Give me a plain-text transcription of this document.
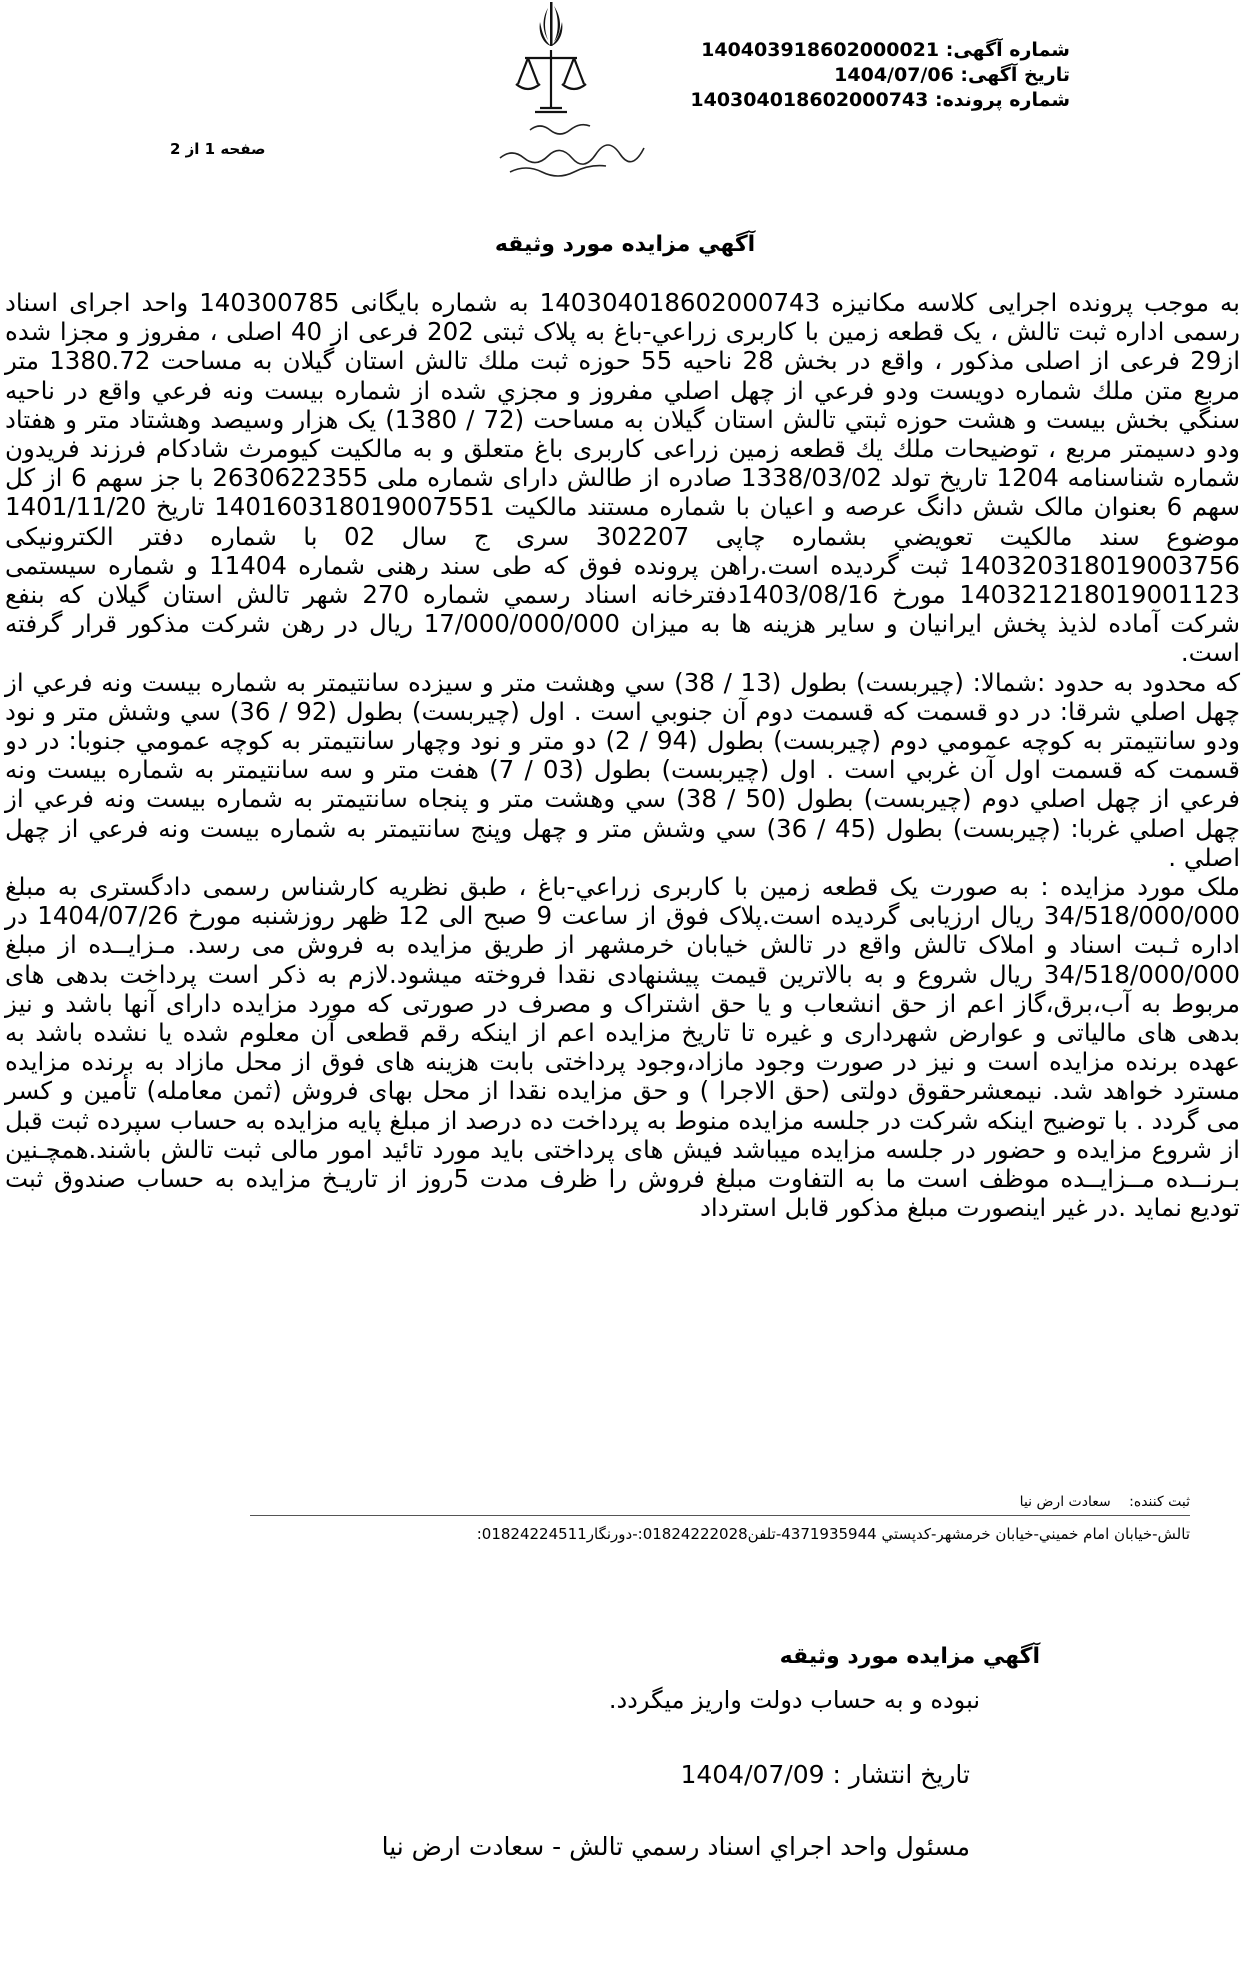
شماره آگهی: 14040391860200002​1
تاریخ آگهی: 1404/07/06
شماره پرونده: 140304018602000743
صفحه 1 از 2
آگهي مزايده مورد وثيقه

به موجب پرونده اجرایی کلاسه مکانیزه 140304018602000743 به شماره بایگانی 140300785 واحد اجرای اسناد رسمی اداره ثبت تالش ، یک قطعه زمین با کاربری زراعي-باغ به پلاک ثبتی 202 فرعی از 40 اصلی ، مفروز و مجزا شده از29 فرعی از اصلی مذکور ، واقع در بخش 28 ناحیه 55 حوزه ثبت ملك تالش استان گیلان به مساحت 1380.72 متر مربع متن ملك شماره دويست ودو فرعي از چهل اصلي مفروز و مجزي شده از شماره بيست ونه فرعي واقع در ناحيه سنگي بخش بيست و هشت حوزه ثبتي تالش استان گيلان به مساحت (72 / 1380) یک هزار وسيصد وهشتاد متر و هفتاد ودو دسيمتر مربع ، توضيحات ملك يك قطعه زمين زراعی کاربری باغ متعلق و به مالكيت كيومرث شادكام فرزند فريدون شماره شناسنامه 1204 تاريخ تولد 1338/03/02 صادره از طالش دارای شماره ملی 2630622355 با جز سهم 6 از كل سهم 6 بعنوان مالک شش دانگ عرصه و اعيان با شماره مستند مالكيت 14016031801900755​1 تاريخ 1401/11/20 موضوع سند مالكيت تعويضي بشماره چاپی 302207 سری ج سال 02 با شماره دفتر الكترونيكی 140320318019003756 ثبت گردیده است.راهن پرونده فوق که طی سند رهنی شماره 11404 و شماره سیستمی 140321218019001123 مورخ 1403/08/16دفترخانه اسناد رسمي شماره 270 شهر تالش استان گیلان که بنفع شرکت آماده لذيذ پخش ايرانيان و سایر هزینه ها به میزان 17/000/000/000 ریال در رهن شرکت مذکور قرار گرفته است.
كه محدود به حدود :شمالا: (چيربست) بطول (13 / 38) سي وهشت متر و سيزده سانتيمتر به شماره بيست ونه فرعي از چهل اصلي شرقا: در دو قسمت كه قسمت دوم آن جنوبي است . اول (چيربست) بطول (92 / 36) سي وشش متر و نود ودو سانتيمتر به كوچه عمومي دوم (چيربست) بطول (94 / 2) دو متر و نود وچهار سانتيمتر به كوچه عمومي جنوبا: در دو قسمت كه قسمت اول آن غربي است . اول (چيربست) بطول (03 / 7) هفت متر و سه سانتيمتر به شماره بيست ونه فرعي از چهل اصلي دوم (چيربست) بطول (50 / 38) سي وهشت متر و پنجاه سانتيمتر به شماره بيست ونه فرعي از چهل اصلي غربا: (چيربست) بطول (45 / 36) سي وشش متر و چهل وپنج سانتيمتر به شماره بيست ونه فرعي از چهل اصلي .
ملک مورد مزایده : به صورت یک قطعه زمين با كاربری زراعي-باغ ، طبق نظریه کارشناس رسمی دادگستری به مبلغ 34/518/000/000 ریال ارزیابی گردیده است.پلاک فوق از ساعت 9 صبح الی 12 ظهر روزشنبه مورخ 1404/07/26 در اداره ثـبت اسناد و املاک تالش واقع در تالش خیابان خرمشهر از طریق مزایده به فروش می رسد. مـزایــده از مبلغ 34/518/000/000 ریال شروع و به بالاترین قیمت پیشنهادی نقدا فروخته میشود.لازم به ذکر است پرداخت بدهی های مربوط به آب،برق،گاز اعم از حق انشعاب و یا حق اشتراک و مصرف در صورتی که مورد مزایده دارای آنها باشد و نیز بدهی های مالیاتی و عوارض شهرداری و غیره تا تاریخ مزایده اعم از اینکه رقم قطعی آن معلوم شده یا نشده باشد به عهده برنده مزایده است و نیز در صورت وجود مازاد،وجود پرداختی بابت هزینه های فوق از محل مازاد به برنده مزایده مسترد خواهد شد. نیمعشرحقوق دولتی (حق الاجرا ) و حق مزایده نقدا از محل بهای فروش (ثمن معامله) تأمین و کسر می گردد . با توضیح اینکه شرکت در جلسه مزایده منوط به پرداخت ده درصد از مبلغ پایه مزایده به حساب سپرده ثبت قبل از شروع مزایده و حضور در جلسه مزایده میباشد فیش های پرداختی باید مورد تائید امور مالی ثبت تالش باشند.همچـنین بـرنــده مــزایــده موظف است ما به التفاوت مبلغ فروش را ظرف مدت 5روز از تاریـخ مزایده به حساب صندوق ثبت تودیع نماید .در غیر اینصورت مبلغ مذکور قابل استرداد

ثبت کننده: سعادت ارض نيا
تالش-خيابان امام خميني-خيابان خرمشهر-كدپستي 4371935944-تلفن01824222028:-دورنگار01824224511:
آگهي مزايده مورد وثيقه
نبوده و به حساب دولت واریز میگردد.
تاریخ انتشار : 1404/07/09
مسئول واحد اجراي اسناد رسمي تالش - سعادت ارض نيا
